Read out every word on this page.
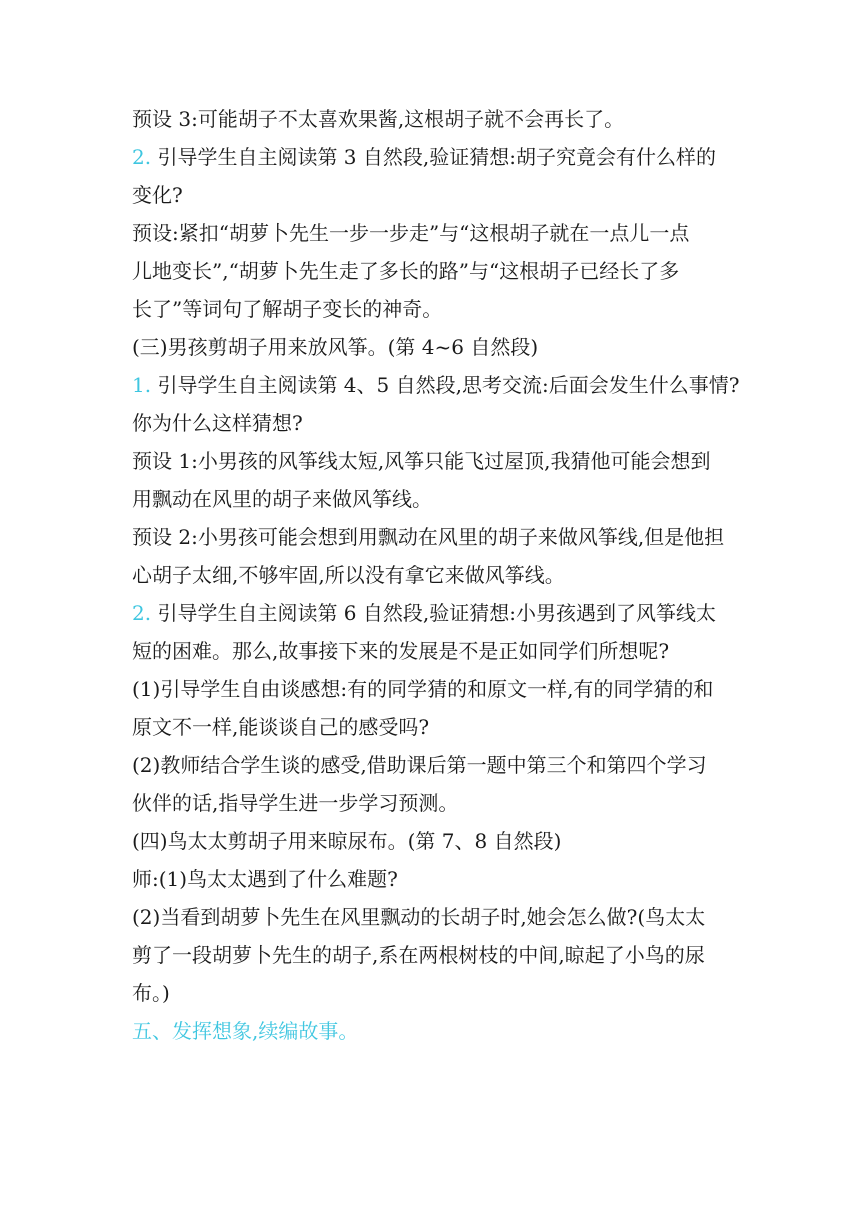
预设 3:可能胡子不太喜欢果酱,这根胡子就不会再长了。
2. 引导学生自主阅读第 3 自然段,验证猜想:胡子究竟会有什么样的
变化?
预设:紧扣“胡萝卜先生一步一步走”与“这根胡子就在一点儿一点
儿地变长”,“胡萝卜先生走了多长的路”与“这根胡子已经长了多
长了”等词句了解胡子变长的神奇。
(三)男孩剪胡子用来放风筝。(第 4~6 自然段)
1. 引导学生自主阅读第 4、5 自然段,思考交流:后面会发生什么事情?
你为什么这样猜想?
预设 1:小男孩的风筝线太短,风筝只能飞过屋顶,我猜他可能会想到
用飘动在风里的胡子来做风筝线。
预设 2:小男孩可能会想到用飘动在风里的胡子来做风筝线,但是他担
心胡子太细,不够牢固,所以没有拿它来做风筝线。
2. 引导学生自主阅读第 6 自然段,验证猜想:小男孩遇到了风筝线太
短的困难。那么,故事接下来的发展是不是正如同学们所想呢?
(1)引导学生自由谈感想:有的同学猜的和原文一样,有的同学猜的和
原文不一样,能谈谈自己的感受吗?
(2)教师结合学生谈的感受,借助课后第一题中第三个和第四个学习
伙伴的话,指导学生进一步学习预测。
(四)鸟太太剪胡子用来晾尿布。(第 7、8 自然段)
师:(1)鸟太太遇到了什么难题?
(2)当看到胡萝卜先生在风里飘动的长胡子时,她会怎么做?(鸟太太
剪了一段胡萝卜先生的胡子,系在两根树枝的中间,晾起了小鸟的尿
布。)
五、发挥想象,续编故事。
